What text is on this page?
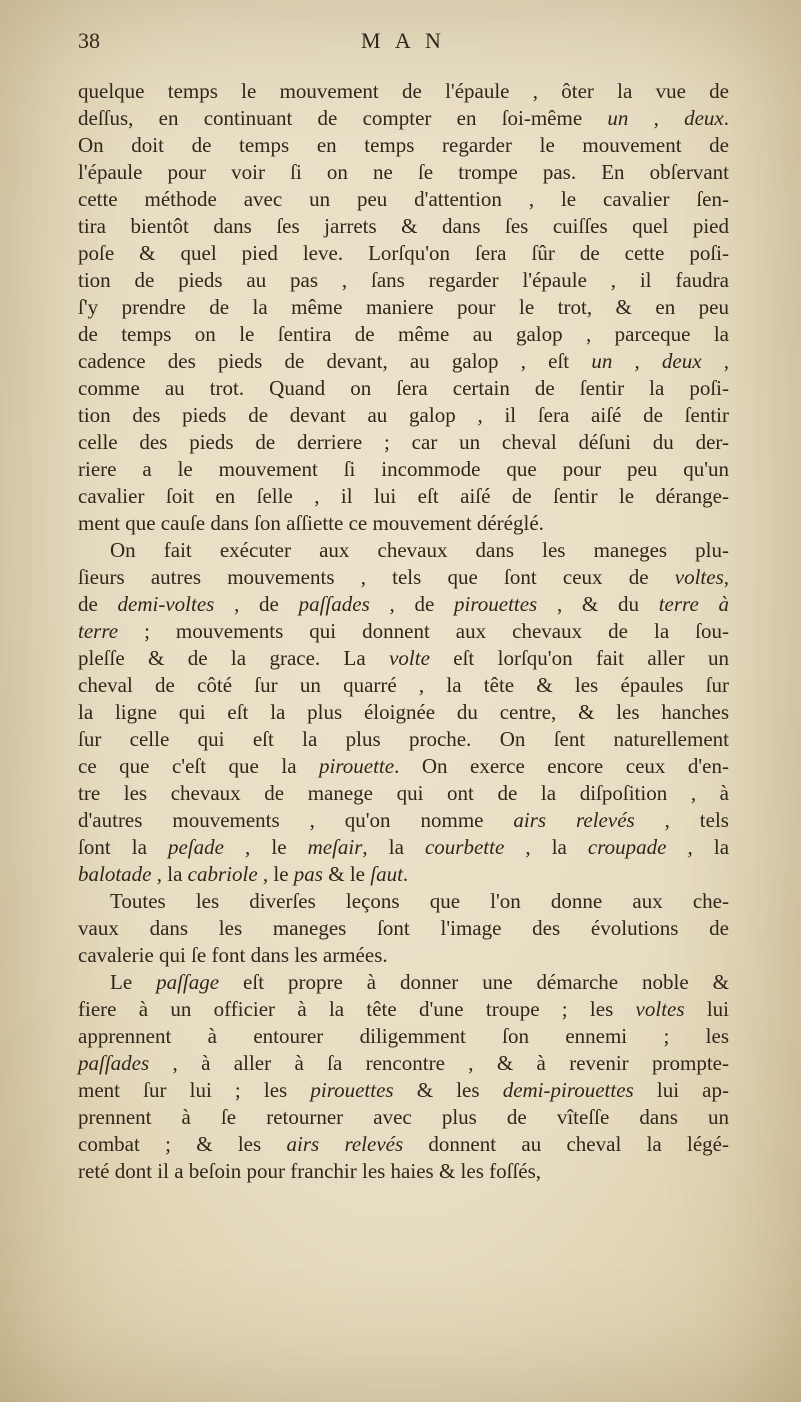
38	M A N
quelque temps le mouvement de l'épaule , ôter la vue de
deſſus, en continuant de compter en ſoi-même un , deux.
On doit de temps en temps regarder le mouvement de
l'épaule pour voir ſi on ne ſe trompe pas. En obſervant
cette méthode avec un peu d'attention , le cavalier ſen-
tira bientôt dans ſes jarrets & dans ſes cuiſſes quel pied
poſe & quel pied leve. Lorſqu'on ſera ſûr de cette poſi-
tion de pieds au pas , ſans regarder l'épaule , il faudra
ſ'y prendre de la même maniere pour le trot, & en peu
de temps on le ſentira de même au galop , parceque la
cadence des pieds de devant, au galop , eſt un , deux ,
comme au trot. Quand on ſera certain de ſentir la poſi-
tion des pieds de devant au galop , il ſera aiſé de ſentir
celle des pieds de derriere ; car un cheval déſuni du der-
riere a le mouvement ſi incommode que pour peu qu'un
cavalier ſoit en ſelle , il lui eſt aiſé de ſentir le dérange-
ment que cauſe dans ſon aſſiette ce mouvement déréglé.
On fait exécuter aux chevaux dans les maneges plu-
ſieurs autres mouvements , tels que ſont ceux de voltes,
de demi-voltes , de paſſades , de pirouettes , & du terre à
terre ; mouvements qui donnent aux chevaux de la ſou-
pleſſe & de la grace. La volte eſt lorſqu'on fait aller un
cheval de côté ſur un quarré , la tête & les épaules ſur
la ligne qui eſt la plus éloignée du centre, & les hanches
ſur celle qui eſt la plus proche. On ſent naturellement
ce que c'eſt que la pirouette. On exerce encore ceux d'en-
tre les chevaux de manege qui ont de la diſpoſition , à
d'autres mouvements , qu'on nomme airs relevés , tels
ſont la peſade , le meſair, la courbette , la croupade , la
balotade , la cabriole , le pas & le ſaut.
Toutes les diverſes leçons que l'on donne aux che-
vaux dans les maneges ſont l'image des évolutions de
cavalerie qui ſe font dans les armées.
Le paſſage eſt propre à donner une démarche noble &
fiere à un officier à la tête d'une troupe ; les voltes lui
apprennent à entourer diligemment ſon ennemi ; les
paſſades , à aller à ſa rencontre , & à revenir prompte-
ment ſur lui ; les pirouettes & les demi-pirouettes lui ap-
prennent à ſe retourner avec plus de vîteſſe dans un
combat ; & les airs relevés donnent au cheval la légé-
reté dont il a beſoin pour franchir les haies & les foſſés,
